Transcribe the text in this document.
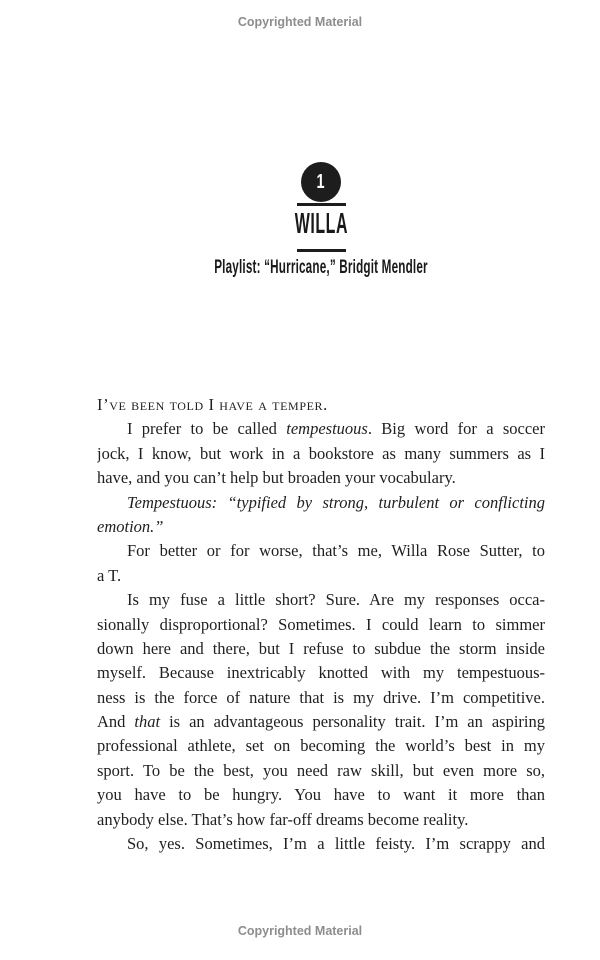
Copyrighted Material
1
WILLA
Playlist: “Hurricane,” Bridgit Mendler
I’ve been told I have a temper.
I prefer to be called tempestuous. Big word for a soccer
jock, I know, but work in a bookstore as many summers as I
have, and you can’t help but broaden your vocabulary.
Tempestuous: “typified by strong, turbulent or conflicting
emotion.”
For better or for worse, that’s me, Willa Rose Sutter, to
a T.
Is my fuse a little short? Sure. Are my responses occa-
sionally disproportional? Sometimes. I could learn to simmer
down here and there, but I refuse to subdue the storm inside
myself. Because inextricably knotted with my tempestuous-
ness is the force of nature that is my drive. I’m competitive.
And that is an advantageous personality trait. I’m an aspiring
professional athlete, set on becoming the world’s best in my
sport. To be the best, you need raw skill, but even more so,
you have to be hungry. You have to want it more than
anybody else. That’s how far-off dreams become reality.
So, yes. Sometimes, I’m a little feisty. I’m scrappy and
Copyrighted Material
